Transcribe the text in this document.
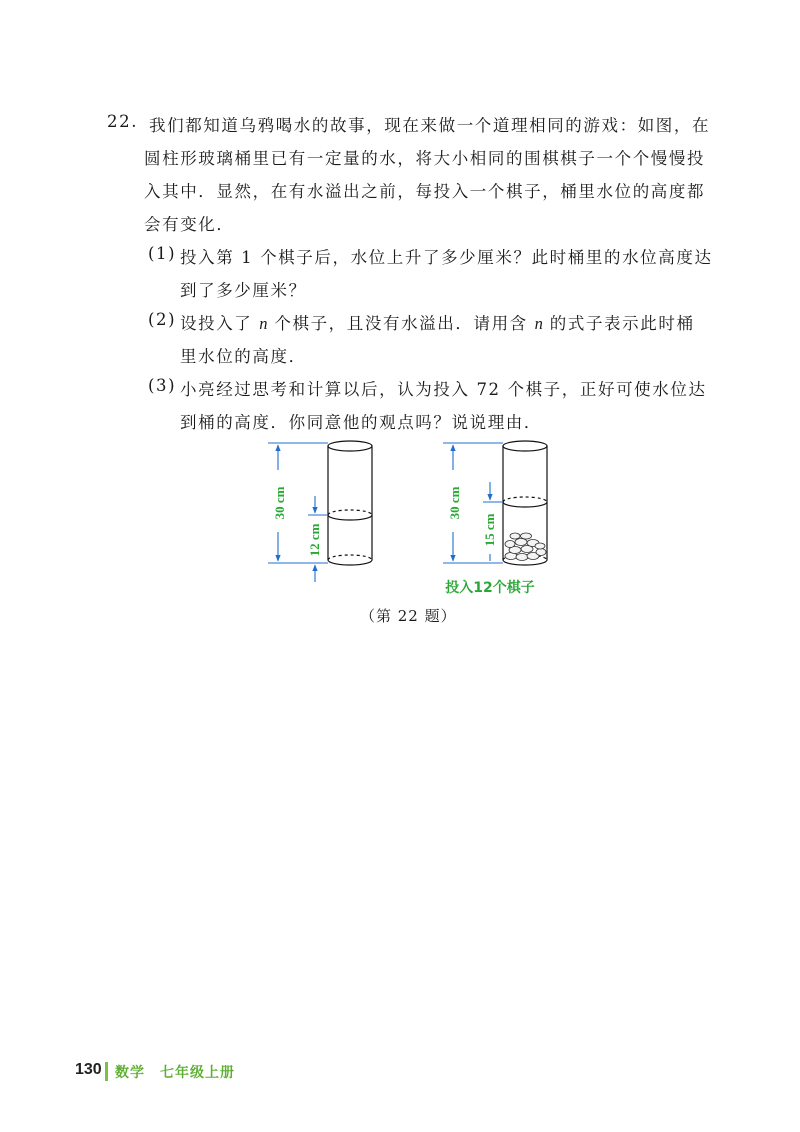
22. 我们都知道乌鸦喝水的故事，现在来做一个道理相同的游戏：如图，在
圆柱形玻璃桶里已有一定量的水，将大小相同的围棋棋子一个个慢慢投
入其中．显然，在有水溢出之前，每投入一个棋子，桶里水位的高度都
会有变化．
(1) 投入第 1 个棋子后，水位上升了多少厘米？此时桶里的水位高度达
到了多少厘米？
(2) 设投入了 n 个棋子，且没有水溢出．请用含 n 的式子表示此时桶
里水位的高度．
(3) 小亮经过思考和计算以后，认为投入 72 个棋子，正好可使水位达
到桶的高度．你同意他的观点吗？说说理由．
30 cm
12 cm
30 cm
15 cm
投入12个棋子
（第 22 题）
130 数学　七年级上册
